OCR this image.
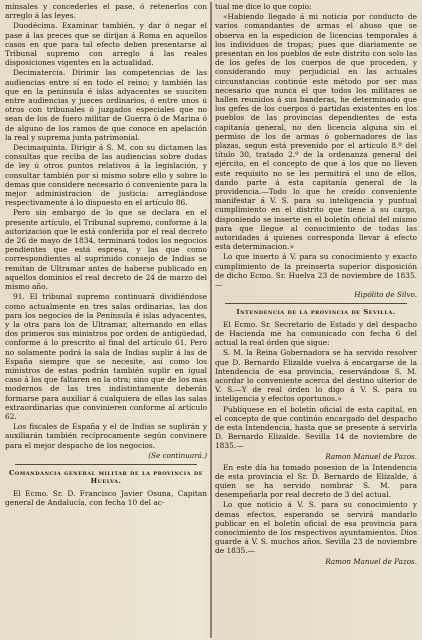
mínsales y concederles el pase, ó retenerlos con arreglo á las leyes.

Duodécima. Examinar también, y dar ó negar el pase á las preces que se dirijan á Roma en aquellos casos en que para tal efecto deben presentarse al Tribunal supremo con arreglo á las reales disposiciones vigentes en la actualidad.

Decimatercia. Dirimir las competencias de las audiencias entre sí en todo el reino; y también las que en la península é islas adyacentes se susciten entre audiencias y jueces ordinarios, ó entre unos ú otros con tribunales ó juzgados especiales que no sean de los de fuero militar de Guerra ó de Marina ó de alguno de los ramos de que conoce en apelación la real y suprema junta patrimonial.

Decimaquinta. Dirigir á S. M. con su dictamen las consultas que reciba de las audiencias sobre dudas de ley ú otros puntos relativos á la legislación, y consultar también por sí mismo sobre ello y sobre lo demas que considere necesario ó conveniente para la mejor administracion de justicia: arreglándose respectivamente á lo dispuesto en el artículo 86.

Pero sin embargo de lo que se declara en el presente artículo, el Tribunal supremo, conforme á la autorizacion que le está conferida por el real decreto de 26 de mayo de 1834, terminará todos los negocios pendientes que está espresa, y las que como correspondientes al suprimido consejo de Indias se remitan de Ultramar antes de haberse publicado en aquellos dominios el real decreto de 24 de marzo del mismo año.

91. El tribunal supremo continuará dividiéndose como actualmente en tres salas ordinarias, las dos para los negocios de la Península é islas adyacentes, y la otra para los de Ultramar, alternando en ellas dos primeros sus ministros por orden de antigüedad, conforme á lo prescrito al final del artículo 61. Pero no solamente podrá la sala de Indias suplir á las de España siempre que se necesite, así como los ministros de estas podrán también suplir en igual caso á los que faltaren en la otra; sino que de los mas modernos de las tres indistintamente deberán formarse para auxiliar á cualquiera de ellas las salas extraordinarias que convinieren conforme al artículo 62.

Los fiscales de España y el de Indias se suplirán y auxiliarán también recíprocamente según convinere para el mejor despacho de los negocios.

(Se continuará.)
Comandancia general militar de la provincia de Huelva.

El Ecmo. Sr. D. Francisco Javier Osuna, Capitan general de Andalucía, con fecha 10 del ac-

tual me dice lo que copio:

«Habiendo llegado á mi noticia por conducto de varios comandantes de armas el abuso que se observa en la espedicion de licencias temporales á los individuos de tropas; pues que diariamente se presentan en los pueblos de este distrito con solo las de los gefes de los cuerpos de que proceden, y considerando muy perjudicial en las actuales circunstancias continúe este método por ser mas necesario que nunca el que todos los militares se hallen reunidos á sus banderas, he determinado que los gefes de los cuerpos ó partidas existentes en los pueblos de las provincias dependientes de esta capitanía general, no den licencia alguna sin el permiso de los de armas ó gobernadores de las plazas, segun está prevenido por el artículo 8.º del título 30, tratado 2.º de la ordenanza general del ejército, en el concepto de que á los que no lleven este requisito no se les permitirá el uno de ellos, dando parte á esta capitanía general de la providencia.—Todo lo que he creído conveniente manifestar á V. S. para su inteligencia y puntual cumplimiento en el distrito que tiene á su cargo, disponiendo se inserte en el boletín oficial del mismo para que llegue al conocimiento de todas las autoridades á quienes corresponda llevar á efecto esta determinacion.»

Lo que inserto á V. para su conocimiento y exacto cumplimiento de la preinserta superior disposición de dicho Ecmo. Sr. Huelva 23 de noviembre de 1835.—

Hipólito de Silvo.
Intendencia de la provincia de Sevilla.

El Ecmo. Sr. Secretario de Estado y del despacho de Hacienda me ha comunicado con fecha 6 del actual la real órden que sigue:

S. M. la Reina Gobernadora se ha servido resolver que D. Bernardo Elizalde vuelva á encargarse de la Intendencia de esa provincia, reservándose S. M. acordar lo conveniente acerca del destino ulterior de V. S.—Y de real órden lo digo á V. S. para su inteligencia y efectos oportunos.»

Publíquese en el boletín oficial de esta capital, en el concepto de que continúo encargado del despacho de esta Intendencia, hasta que se presente á servirla D. Bernardo Elizalde. Sevilla 14 de noviembre de 1835.—

Ramon Manuel de Pazos.

En este día ha tomado posesion de la Intendencia de esta provincia el Sr. D. Bernardo de Elizalde, á quien se ha servido nombrar S. M. para desempeñarla por real decreto de 3 del actual.

Lo que noticio á V. S. para su conocimiento y demas efectos, esperando se servirá mandarlo publicar en el boletín oficial de esa provincia para conocimiento de los respectivos ayuntamientos. Dios guarde á V. S. muchos años. Sevilla 23 de noviembre de 1835.—

Ramon Manuel de Pazos.
